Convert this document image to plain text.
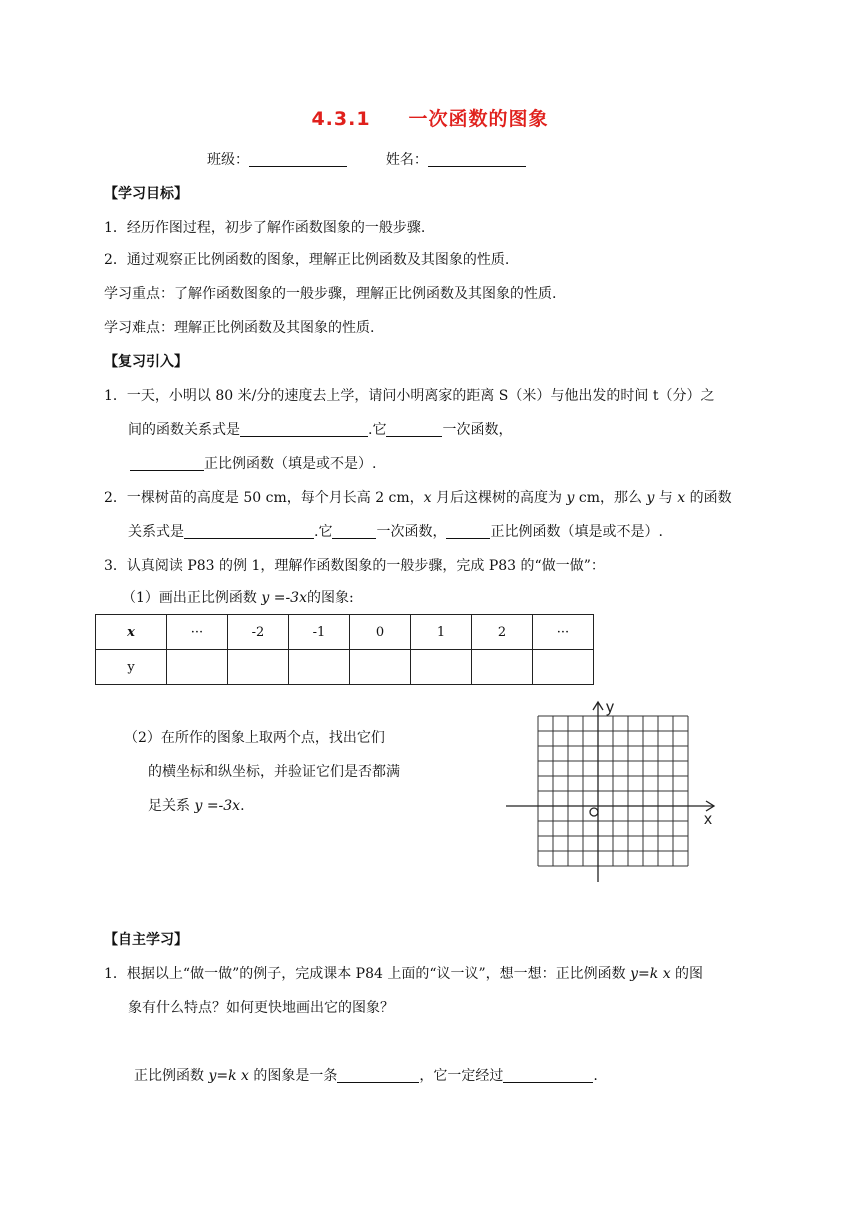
4.3.1 一次函数的图象
班级：	姓名：
【学习目标】
1．经历作图过程，初步了解作函数图象的一般步骤.
2．通过观察正比例函数的图象，理解正比例函数及其图象的性质.
学习重点：了解作函数图象的一般步骤，理解正比例函数及其图象的性质.
学习难点：理解正比例函数及其图象的性质.
【复习引入】
1．一天，小明以 80 米/分的速度去上学，请问小明离家的距离 S（米）与他出发的时间 t（分）之
间的函数关系式是	.它	一次函数，
正比例函数（填是或不是）.
2．一棵树苗的高度是 50 cm，每个月长高 2 cm，x 月后这棵树的高度为 y cm，那么 y 与 x 的函数
关系式是	.它	一次函数，	正比例函数（填是或不是）.
3．认真阅读 P83 的例 1，理解作函数图象的一般步骤，完成 P83 的“做一做”：
（1）画出正比例函数 y =-3x的图象:
x	···	-2	-1	0	1	2	···
y							
（2）在所作的图象上取两个点，找出它们
的横坐标和纵坐标，并验证它们是否都满
足关系 y =-3x.
x
y
【自主学习】
1．根据以上“做一做”的例子，完成课本 P84 上面的“议一议”，想一想：正比例函数 y=k x 的图
象有什么特点？如何更快地画出它的图象？
正比例函数 y=k x 的图象是一条	，它一定经过	.
